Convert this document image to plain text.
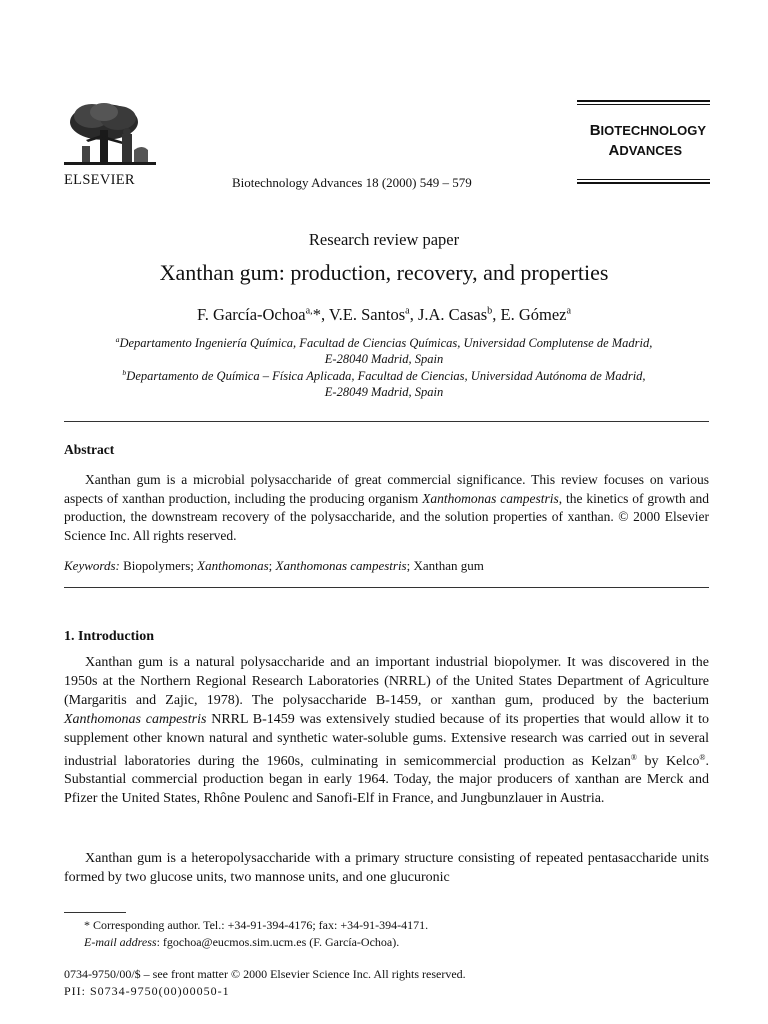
ELSEVIER	Biotechnology Advances 18 (2000) 549 – 579
BIOTECHNOLOGY
ADVANCES
Research review paper
Xanthan gum: production, recovery, and properties
F. García-Ochoa$^{a,}$*, V.E. Santos$^a$, J.A. Casas$^b$, E. Gómez$^a$
$^a$Departamento Ingeniería Química, Facultad de Ciencias Químicas, Universidad Complutense de Madrid,
E-28040 Madrid, Spain
$^b$Departamento de Química – Física Aplicada, Facultad de Ciencias, Universidad Autónoma de Madrid,
E-28049 Madrid, Spain
Abstract
Xanthan gum is a microbial polysaccharide of great commercial significance. This review focuses on various aspects of xanthan production, including the producing organism Xanthomonas campestris, the kinetics of growth and production, the downstream recovery of the polysaccharide, and the solution properties of xanthan. © 2000 Elsevier Science Inc. All rights reserved.
Keywords: Biopolymers; Xanthomonas; Xanthomonas campestris; Xanthan gum
1. Introduction
Xanthan gum is a natural polysaccharide and an important industrial biopolymer. It was discovered in the 1950s at the Northern Regional Research Laboratories (NRRL) of the United States Department of Agriculture (Margaritis and Zajic, 1978). The polysaccharide B-1459, or xanthan gum, produced by the bacterium Xanthomonas campestris NRRL B-1459 was extensively studied because of its properties that would allow it to supplement other known natural and synthetic water-soluble gums. Extensive research was carried out in several industrial laboratories during the 1960s, culminating in semicommercial production as Kelzan® by Kelco®. Substantial commercial production began in early 1964. Today, the major producers of xanthan are Merck and Pfizer the United States, Rhône Poulenc and Sanofi-Elf in France, and Jungbunzlauer in Austria.
Xanthan gum is a heteropolysaccharide with a primary structure consisting of repeated pentasaccharide units formed by two glucose units, two mannose units, and one glucuronic
* Corresponding author. Tel.: +34-91-394-4176; fax: +34-91-394-4171.
E-mail address: fgochoa@eucmos.sim.ucm.es (F. García-Ochoa).
0734-9750/00/$ – see front matter © 2000 Elsevier Science Inc. All rights reserved.
PII: S0734-9750(00)00050-1
